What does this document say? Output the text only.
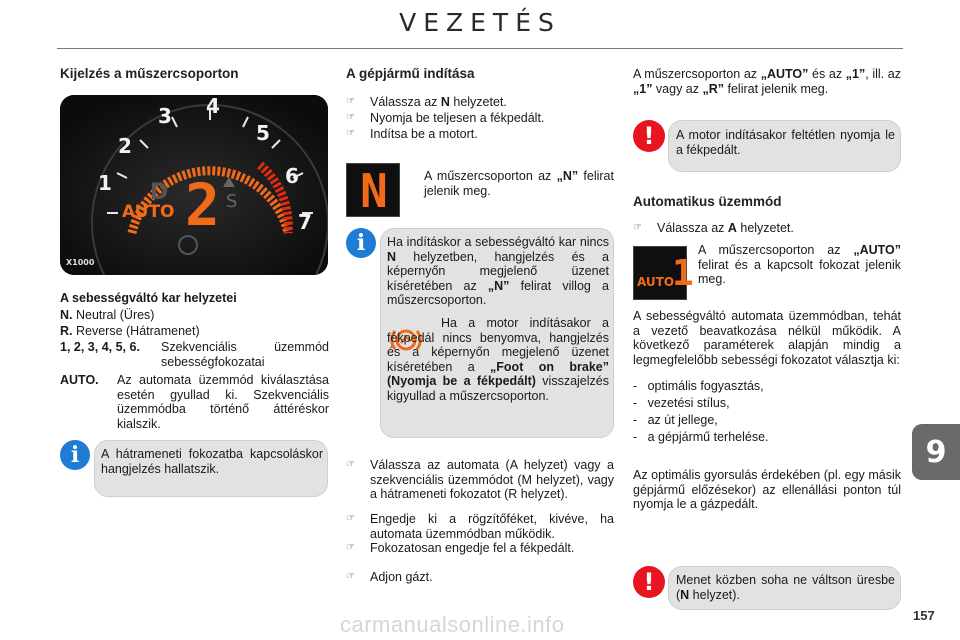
VEZETÉS
9
157
carmanualsonline.info
Kijelzés a műszercsoporton
1
2
3 4
5
6
7
AUTO
D 2 S
X1000
A sebességváltó kar helyzetei
N. Neutral (Üres)
R. Reverse (Hátramenet)
1, 2, 3, 4, 5, 6.	Szekvenciális üzemmód sebességfokozatai
AUTO.	Az automata üzemmód kiválasztása esetén gyullad ki. Szekvenciális üzemmódba történő áttéréskor kialszik.
A hátrameneti fokozatba kapcsoláskor hangjelzés hallatszik.
i
A gépjármű indítása
☞ Válassza az N helyzetet.
☞ Nyomja be teljesen a fékpedált.
☞ Indítsa be a motort.
N	A műszercsoporton az „N” felirat jelenik meg.
Ha indításkor a sebességváltó kar nincs N helyzetben, hangjelzés és a képernyőn megjelenő üzenet kíséretében az „N” felirat villog a műszercsoporton.
Ha a motor indításakor a fékpedál nincs benyomva, hangjelzés és a képernyőn megjelenő üzenet kíséretében a „Foot on brake” (Nyomja be a fékpedált) visszajelzés kigyullad a műszercsoporton.
i
☞ Válassza az automata (A helyzet) vagy a szekvenciális üzemmódot (M helyzet), vagy a hátrameneti fokozatot (R helyzet).
☞ Engedje ki a rögzítőféket, kivéve, ha automata üzemmódban működik.
☞ Fokozatosan engedje fel a fékpedált.
☞ Adjon gázt.
A műszercsoporton az „AUTO” és az „1”, ill. az „1” vagy az „R” felirat jelenik meg.
A motor indításakor feltétlen nyomja le a fékpedált.
!
Automatikus üzemmód
☞ Válassza az A helyzetet.
AUTO
1
A műszercsoporton az „AUTO” felirat és a kapcsolt fokozat jelenik meg.
A sebességváltó automata üzemmódban, tehát a vezető beavatkozása nélkül működik. A következő paraméterek alapján mindig a legmegfelelőbb sebességi fokozatot választja ki:
-   optimális fogyasztás,
-   vezetési stílus,
-   az út jellege,
-   a gépjármű terhelése.
Az optimális gyorsulás érdekében (pl. egy másik gépjármű előzésekor) az ellenállási ponton túl nyomja le a gázpedált.
Menet közben soha ne váltson üresbe (N helyzet).
!
